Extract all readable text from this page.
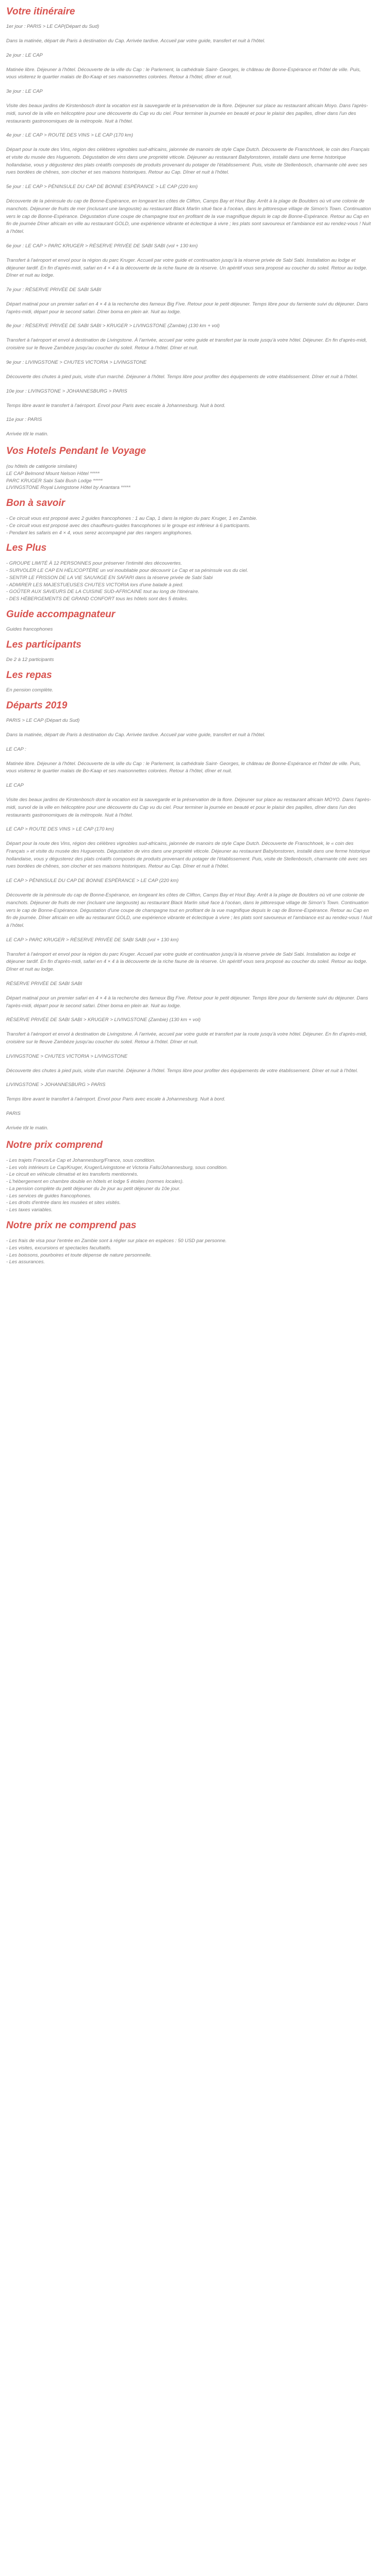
Votre itinéraire
1er jour : PARIS > LE CAP(Départ du Sud)
Dans la matinée, départ de Paris à destination du Cap. Arrivée tardive. Accueil par votre guide, transfert et nuit à l'hôtel.
2e jour : LE CAP
Matinée libre. Déjeuner à l'hôtel. Découverte de la ville du Cap : le Parlement, la cathédrale Saint- Georges, le château de Bonne-Espérance et l'hôtel de ville. Puis, vous visiterez le quartier malais de Bo-Kaap et ses maisonnettes colorées. Retour à l'hôtel, dîner et nuit.
3e jour : LE CAP
Visite des beaux jardins de Kirstenbosch dont la vocation est la sauvegarde et la préservation de la flore. Déjeuner sur place au restaurant africain Moyo. Dans l'après-midi, survol de la ville en hélicoptère pour une découverte du Cap vu du ciel. Pour terminer la journée en beauté et pour le plaisir des papilles, dîner dans l'un des restaurants gastronomiques de la métropole. Nuit à l'hôtel.
4e jour : LE CAP > ROUTE DES VINS > LE CAP (170 km)
Départ pour la route des Vins, région des célèbres vignobles sud-africains, jalonnée de manoirs de style Cape Dutch. Découverte de Franschhoek, le coin des Français et visite du musée des Huguenots. Dégustation de vins dans une propriété viticole. Déjeuner au restaurant Babylonstoren, installé dans une ferme historique hollandaise, vous y dégusterez des plats créatifs composés de produits provenant du potager de l'établissement. Puis, visite de Stellenbosch, charmante cité avec ses rues bordées de chênes, son clocher et ses maisons historiques. Retour au Cap. Dîner et nuit à l'hôtel.
5e jour : LE CAP > PÉNINSULE DU CAP DE BONNE ESPÉRANCE > LE CAP (220 km)
Découverte de la péninsule du cap de Bonne-Espérance, en longeant les côtes de Clifton, Camps Bay et Hout Bay. Arrêt à la plage de Boulders où vit une colonie de manchots. Déjeuner de fruits de mer (inclusant une langouste) au restaurant Black Marlin situé face à l'océan, dans le pittoresque village de Simon's Town. Continuation vers le cap de Bonne-Espérance. Dégustation d'une coupe de champagne tout en profitant de la vue magnifique depuis le cap de Bonne-Espérance. Retour au Cap en fin de journée Dîner africain en ville au restaurant GOLD, une expérience vibrante et éclectique à vivre ; les plats sont savoureux et l'ambiance est au rendez-vous ! Nuit à l'hôtel.
6e jour : LE CAP > PARC KRUGER > RÉSERVE PRIVÉE DE SABI SABI (vol + 130 km)
Transfert à l'aéroport et envol pour la région du parc Kruger. Accueil par votre guide et continuation jusqu'à la réserve privée de Sabi Sabi. Installation au lodge et déjeuner tardif. En fin d'après-midi, safari en 4 × 4 à la découverte de la riche faune de la réserve. Un apéritif vous sera proposé au coucher du soleil. Retour au lodge. Dîner et nuit au lodge.
7e jour : RÉSERVE PRIVÉE DE SABI SABI
Départ matinal pour un premier safari en 4 × 4 à la recherche des fameux Big Five. Retour pour le petit déjeuner. Temps libre pour du farniente suivi du déjeuner. Dans l'après-midi, départ pour le second safari. Dîner boma en plein air. Nuit au lodge.
8e jour : RÉSERVE PRIVÉE DE SABI SABI > KRUGER > LIVINGSTONE (Zambie) (130 km + vol)
Transfert à l'aéroport et envol à destination de Livingstone. À l'arrivée, accueil par votre guide et transfert par la route jusqu'à votre hôtel. Déjeuner. En fin d'après-midi, croisière sur le fleuve Zambèze jusqu'au coucher du soleil. Retour à l'hôtel. Dîner et nuit.
9e jour : LIVINGSTONE > CHUTES VICTORIA > LIVINGSTONE
Découverte des chutes à pied puis, visite d'un marché. Déjeuner à l'hôtel. Temps libre pour profiter des équipements de votre établissement. Dîner et nuit à l'hôtel.
10e jour : LIVINGSTONE > JOHANNESBURG > PARIS
Temps libre avant le transfert à l'aéroport. Envol pour Paris avec escale à Johannesburg. Nuit à bord.
11e jour : PARIS
Arrivée tôt le matin.
Vos Hotels Pendant le Voyage
(ou hôtels de catégorie similaire)
LE CAP Belmond Mount Nelson Hôtel *****
PARC KRUGER Sabi Sabi Bush Lodge *****
LIVINGSTONE Royal Livingstone Hôtel by Anantara *****
Bon à savoir
- Ce circuit vous est proposé avec 2 guides francophones : 1 au Cap, 1 dans la région du parc Kruger, 1 en Zambie.
- Ce circuit vous est proposé avec des chauffeurs-guides francophones si le groupe est inférieur à 6 participants.
- Pendant les safaris en 4 × 4, vous serez accompagné par des rangers anglophones.
Les Plus
- GROUPE LIMITÉ À 12 PERSONNES pour préserver l'intimité des découvertes.
- SURVOLER LE CAP EN HÉLICOPTÈRE un vol inoubliable pour découvrir Le Cap et sa péninsule vus du ciel.
- SENTIR LE FRISSON DE LA VIE SAUVAGE EN SAFARI dans la réserve privée de Sabi Sabi
- ADMIRER LES MAJESTUEUSES CHUTES VICTORIA lors d'une balade à pied.
- GOÛTER AUX SAVEURS DE LA CUISINE SUD-AFRICAINE tout au long de l'itinéraire.
- DES HÉBERGEMENTS DE GRAND CONFORT tous les hôtels sont des 5 étoiles.
Guide accompagnateur
Guides francophones
Les participants
De 2 à 12 participants
Les repas
En pension complète.
Départs 2019
PARIS > LE CAP (Départ du Sud)
Dans la matinée, départ de Paris à destination du Cap. Arrivée tardive. Accueil par votre guide, transfert et nuit à l'hôtel.
LE CAP :
Matinée libre. Déjeuner à l'hôtel. Découverte de la ville du Cap : le Parlement, la cathédrale Saint- Georges, le château de Bonne-Espérance et l'hôtel de ville. Puis, vous visiterez le quartier malais de Bo-Kaap et ses maisonnettes colorées. Retour à l'hôtel, dîner et nuit.
LE CAP
Visite des beaux jardins de Kirstenbosch dont la vocation est la sauvegarde et la préservation de la flore. Déjeuner sur place au restaurant africain MOYO. Dans l'après-midi, survol de la ville en hélicoptère pour une découverte du Cap vu du ciel. Pour terminer la journée en beauté et pour le plaisir des papilles, dîner dans l'un des restaurants gastronomiques de la métropole. Nuit à l'hôtel.
LE CAP > ROUTE DES VINS > LE CAP (170 km)
Départ pour la route des Vins, région des célèbres vignobles sud-africains, jalonnée de manoirs de style Cape Dutch. Découverte de Franschhoek, le « coin des Français » et visite du musée des Huguenots. Dégustation de vins dans une propriété viticole. Déjeuner au restaurant Babylonstoren, installé dans une ferme historique hollandaise, vous y dégusterez des plats créatifs composés de produits provenant du potager de l'établissement. Puis, visite de Stellenbosch, charmante cité avec ses rues bordées de chênes, son clocher et ses maisons historiques. Retour au Cap. Dîner et nuit à l'hôtel.
LE CAP > PÉNINSULE DU CAP DE BONNE ESPÉRANCE > LE CAP (220 km)
Découverte de la péninsule du cap de Bonne-Espérance, en longeant les côtes de Clifton, Camps Bay et Hout Bay. Arrêt à la plage de Boulders où vit une colonie de manchots. Déjeuner de fruits de mer (incluant une langouste) au restaurant Black Marlin situé face à l'océan, dans le pittoresque village de Simon's Town. Continuation vers le cap de Bonne-Espérance. Dégustation d'une coupe de champagne tout en profitant de la vue magnifique depuis le cap de Bonne-Espérance. Retour au Cap en fin de journée. Dîner africain en ville au restaurant GOLD, une expérience vibrante et éclectique à vivre ; les plats sont savoureux et l'ambiance est au rendez-vous ! Nuit à l'hôtel.
LE CAP > PARC KRUGER > RÉSERVE PRIVÉE DE SABI SABI (vol + 130 km)
Transfert à l'aéroport et envol pour la région du parc Kruger. Accueil par votre guide et continuation jusqu'à la réserve privée de Sabi Sabi. Installation au lodge et déjeuner tardif. En fin d'après-midi, safari en 4 × 4 à la découverte de la riche faune de la réserve. Un apéritif vous sera proposé au coucher du soleil. Retour au lodge. Dîner et nuit au lodge.
RÉSERVE PRIVÉE DE SABI SABI
Départ matinal pour un premier safari en 4 × 4 à la recherche des fameux Big Five. Retour pour le petit déjeuner. Temps libre pour du farniente suivi du déjeuner. Dans l'après-midi, départ pour le second safari. Dîner boma en plein air. Nuit au lodge.
RÉSERVE PRIVÉE DE SABI SABI > KRUGER > LIVINGSTONE (Zambie) (130 km + vol)
Transfert à l'aéroport et envol à destination de Livingstone. À l'arrivée, accueil par votre guide et transfert par la route jusqu'à votre hôtel. Déjeuner. En fin d'après-midi, croisière sur le fleuve Zambèze jusqu'au coucher du soleil. Retour à l'hôtel. Dîner et nuit.
LIVINGSTONE > CHUTES VICTORIA > LIVINGSTONE
Découverte des chutes à pied puis, visite d'un marché. Déjeuner à l'hôtel. Temps libre pour profiter des équipements de votre établissement. Dîner et nuit à l'hôtel.
LIVINGSTONE > JOHANNESBURG > PARIS
Temps libre avant le transfert à l'aéroport. Envol pour Paris avec escale à Johannesburg. Nuit à bord.
PARIS
Arrivée tôt le matin.
Notre prix comprend
- Les trajets France/Le Cap et Johannesburg/France, sous condition.
- Les vols intérieurs Le Cap/Kruger, Kruger/Livingstone et Victoria Falls/Johannesburg, sous condition.
- Le circuit en véhicule climatisé et les transferts mentionnés.
- L'hébergement en chambre double en hôtels et lodge 5 étoiles (normes locales).
- La pension complète du petit déjeuner du 2e jour au petit déjeuner du 10e jour.
- Les services de guides francophones.
- Les droits d'entrée dans les musées et sites visités.
- Les taxes variables.
Notre prix ne comprend pas
- Les frais de visa pour l'entrée en Zambie sont à régler sur place en espèces : 50 USD par personne.
- Les visites, excursions et spectacles facultatifs.
- Les boissons, pourboires et toute dépense de nature personnelle.
- Les assurances.
